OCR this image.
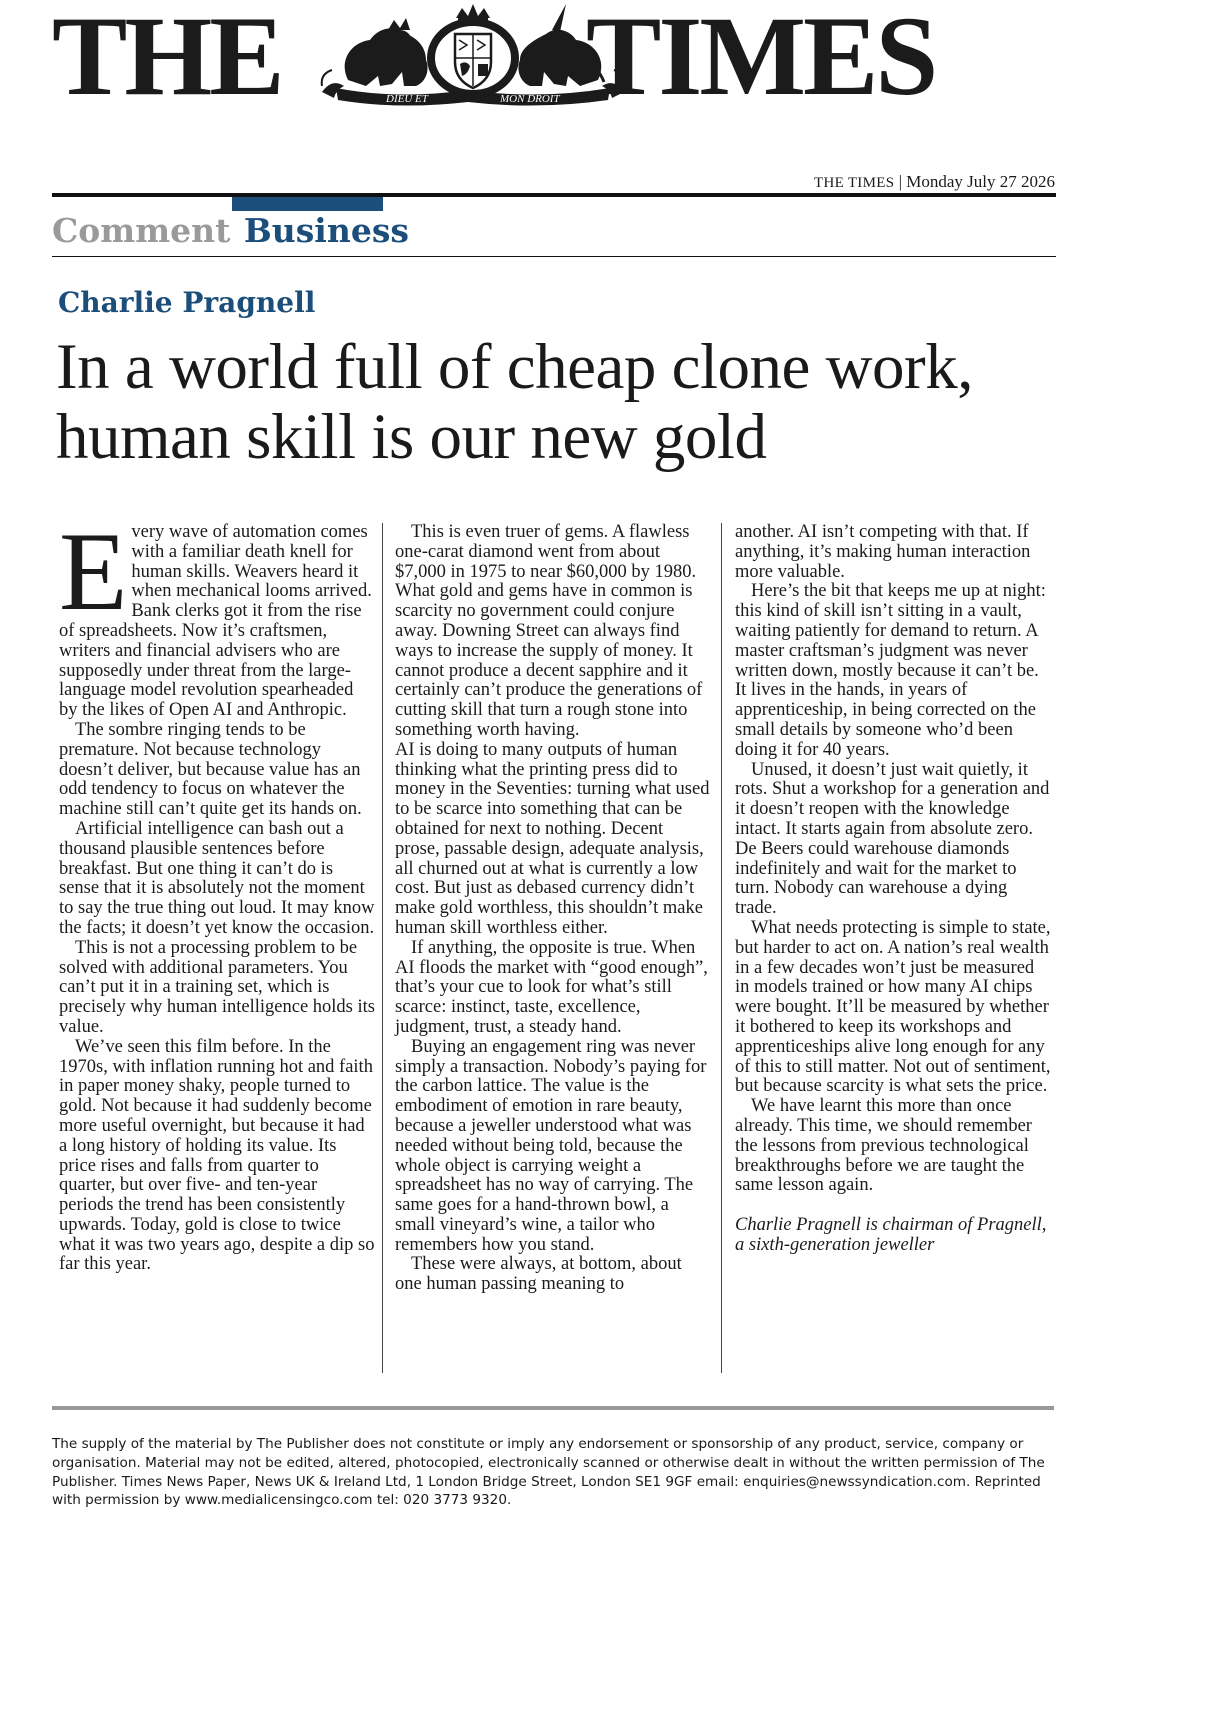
THE	DIEU ET	MON DROIT TIMES
THE TIMES | Monday July 27 2026
Comment Business
Charlie Pragnell
In a world full of cheap clone work, human skill is our new gold
E very wave of automation comes with a familiar death knell for human skills. Weavers heard it when mechanical looms arrived. Bank clerks got it from the rise of spreadsheets. Now it’s craftsmen, writers and financial advisers who are supposedly under threat from the large-language model revolution spearheaded by the likes of Open AI and Anthropic.

The sombre ringing tends to be premature. Not because technology doesn’t deliver, but because value has an odd tendency to focus on whatever the machine still can’t quite get its hands on.

Artificial intelligence can bash out a thousand plausible sentences before breakfast. But one thing it can’t do is sense that it is absolutely not the moment to say the true thing out loud. It may know the facts; it doesn’t yet know the occasion.

This is not a processing problem to be solved with additional parameters. You can’t put it in a training set, which is precisely why human intelligence holds its value.

We’ve seen this film before. In the 1970s, with inflation running hot and faith in paper money shaky, people turned to gold. Not because it had suddenly become more useful overnight, but because it had a long history of holding its value. Its price rises and falls from quarter to quarter, but over five- and ten-year periods the trend has been consistently upwards. Today, gold is close to twice what it was two years ago, despite a dip so far this year.

This is even truer of gems. A flawless one-carat diamond went from about $7,000 in 1975 to near $60,000 by 1980. What gold and gems have in common is scarcity no government could conjure away. Downing Street can always find ways to increase the supply of money. It cannot produce a decent sapphire and it certainly can’t produce the generations of cutting skill that turn a rough stone into something worth having.

AI is doing to many outputs of human thinking what the printing press did to money in the Seventies: turning what used to be scarce into something that can be obtained for next to nothing. Decent prose, passable design, adequate analysis, all churned out at what is currently a low cost. But just as debased currency didn’t make gold worthless, this shouldn’t make human skill worthless either.

If anything, the opposite is true. When AI floods the market with “good enough”, that’s your cue to look for what’s still scarce: instinct, taste, excellence, judgment, trust, a steady hand.

Buying an engagement ring was never simply a transaction. Nobody’s paying for the carbon lattice. The value is the embodiment of emotion in rare beauty, because a jeweller understood what was needed without being told, because the whole object is carrying weight a spreadsheet has no way of carrying. The same goes for a hand-thrown bowl, a small vineyard’s wine, a tailor who remembers how you stand.

These were always, at bottom, about one human passing meaning to

another. AI isn’t competing with that. If anything, it’s making human interaction more valuable.

Here’s the bit that keeps me up at night: this kind of skill isn’t sitting in a vault, waiting patiently for demand to return. A master craftsman’s judgment was never written down, mostly because it can’t be. It lives in the hands, in years of apprenticeship, in being corrected on the small details by someone who’d been doing it for 40 years.

Unused, it doesn’t just wait quietly, it rots. Shut a workshop for a generation and it doesn’t reopen with the knowledge intact. It starts again from absolute zero. De Beers could warehouse diamonds indefinitely and wait for the market to turn. Nobody can warehouse a dying trade.

What needs protecting is simple to state, but harder to act on. A nation’s real wealth in a few decades won’t just be measured in models trained or how many AI chips were bought. It’ll be measured by whether it bothered to keep its workshops and apprenticeships alive long enough for any of this to still matter. Not out of sentiment, but because scarcity is what sets the price.

We have learnt this more than once already. This time, we should remember the lessons from previous technological breakthroughs before we are taught the same lesson again.

Charlie Pragnell is chairman of Pragnell, a sixth-generation jeweller

The supply of the material by The Publisher does not constitute or imply any endorsement or sponsorship of any product, service, company or organisation. Material may not be edited, altered, photocopied, electronically scanned or otherwise dealt in without the written permission of The Publisher. Times News Paper, News UK & Ireland Ltd, 1 London Bridge Street, London SE1 9GF email: enquiries@newssyndication.com. Reprinted with permission by www.medialicensingco.com tel: 020 3773 9320.
